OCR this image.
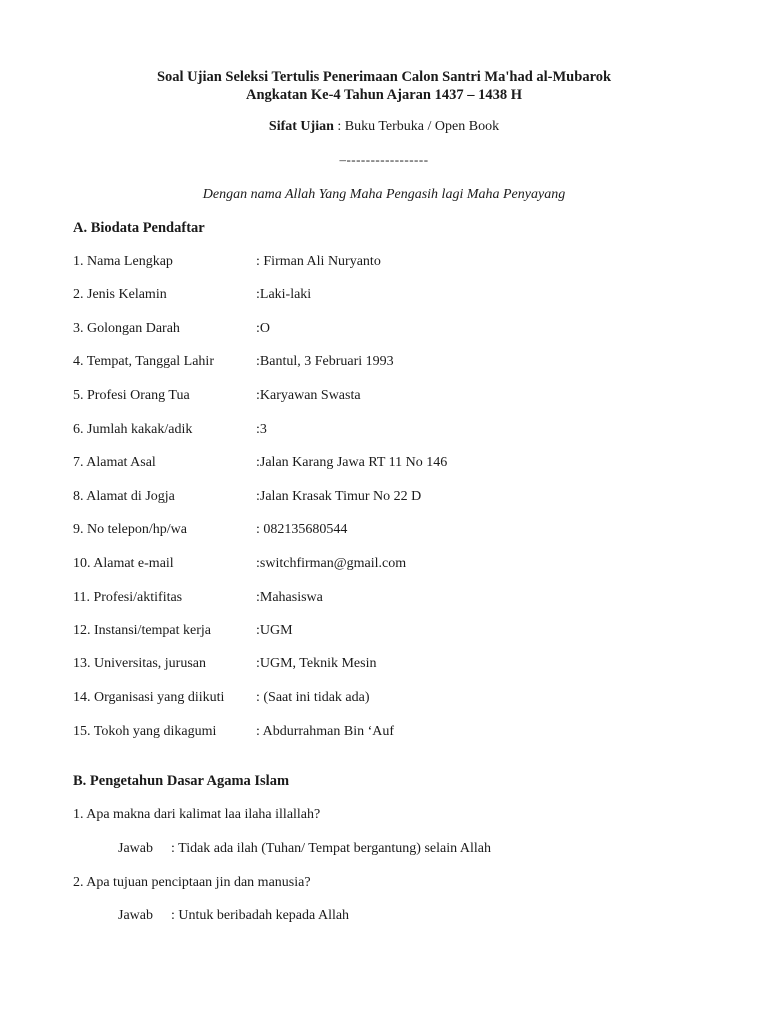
Soal Ujian Seleksi Tertulis Penerimaan Calon Santri Ma'had al-Mubarok
Angkatan Ke-4 Tahun Ajaran 1437 – 1438 H
Sifat Ujian : Buku Terbuka / Open Book
–-----------------
Dengan nama Allah Yang Maha Pengasih lagi Maha Penyayang
A. Biodata Pendaftar
1. Nama Lengkap	: Firman Ali Nuryanto
2. Jenis Kelamin	:Laki-laki
3. Golongan Darah	:O
4. Tempat, Tanggal Lahir	:Bantul, 3 Februari 1993
5. Profesi Orang Tua	:Karyawan Swasta
6. Jumlah kakak/adik	:3
7. Alamat Asal	:Jalan Karang Jawa RT 11 No 146
8. Alamat di Jogja	:Jalan Krasak Timur No 22 D
9. No telepon/hp/wa	: 082135680544
10. Alamat e-mail	:switchfirman@gmail.com
11. Profesi/aktifitas	:Mahasiswa
12. Instansi/tempat kerja	:UGM
13. Universitas, jurusan	:UGM, Teknik Mesin
14. Organisasi yang diikuti : (Saat ini tidak ada)
15. Tokoh yang dikagumi	: Abdurrahman Bin ‘Auf
B. Pengetahun Dasar Agama Islam
1. Apa makna dari kalimat laa ilaha illallah?
Jawab : Tidak ada ilah (Tuhan/ Tempat bergantung) selain Allah
2. Apa tujuan penciptaan jin dan manusia?
Jawab : Untuk beribadah kepada Allah
